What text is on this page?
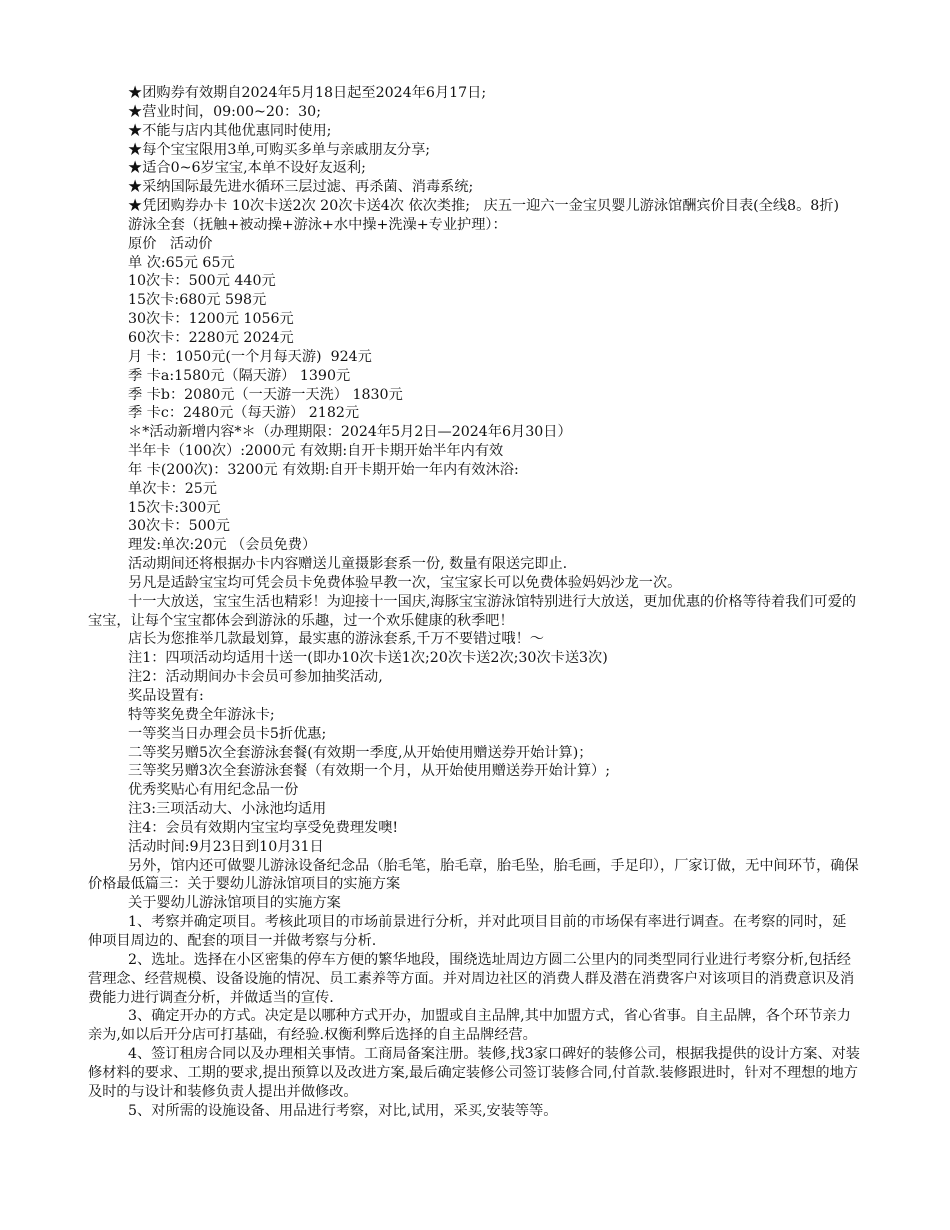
★团购券有效期自2024年5月18日起至2024年6月17日;

★营业时间，09:00~20：30;

★不能与店内其他优惠同时使用;

★每个宝宝限用3单,可购买多单与亲戚朋友分享;

★适合0~6岁宝宝,本单不设好友返利;

★采纳国际最先进水循环三层过滤、再杀菌、消毒系统;

★凭团购券办卡 10次卡送2次 20次卡送4次 依次类推;   庆五一迎六一金宝贝婴儿游泳馆酬宾价目表(全线8。8折)

游泳全套（抚触+被动操+游泳+水中操+洗澡+专业护理）：

原价   活动价

单 次:65元 65元

10次卡：500元 440元

15次卡:680元 598元

30次卡：1200元 1056元

60次卡：2280元 2024元

月 卡：1050元(一个月每天游)  924元

季 卡a:1580元（隔天游） 1390元

季 卡b：2080元（一天游一天洗） 1830元

季 卡c：2480元（每天游） 2182元

＊*活动新增内容*＊（办理期限：2024年5月2日—2024年6月30日）

半年卡（100次）:2000元 有效期:自开卡期开始半年内有效

年 卡(200次)：3200元 有效期:自开卡期开始一年内有效沐浴:

单次卡：25元

15次卡:300元

30次卡：500元

理发:单次:20元 （会员免费）

活动期间还将根据办卡内容赠送儿童摄影套系一份, 数量有限送完即止.

另凡是适龄宝宝均可凭会员卡免费体验早教一次，宝宝家长可以免费体验妈妈沙龙一次。

十一大放送，宝宝生活也精彩！为迎接十一国庆,海豚宝宝游泳馆特别进行大放送，更加优惠的价格等待着我们可爱的宝宝，让每个宝宝都体会到游泳的乐趣，过一个欢乐健康的秋季吧！

店长为您推举几款最划算，最实惠的游泳套系,千万不要错过哦！～

注1：四项活动均适用十送一(即办10次卡送1次;20次卡送2次;30次卡送3次)

注2：活动期间办卡会员可参加抽奖活动,

奖品设置有:

特等奖免费全年游泳卡;

一等奖当日办理会员卡5折优惠;

二等奖另赠5次全套游泳套餐(有效期一季度,从开始使用赠送券开始计算)；

三等奖另赠3次全套游泳套餐（有效期一个月，从开始使用赠送券开始计算）;

优秀奖贴心有用纪念品一份

注3:三项活动大、小泳池均适用

注4：会员有效期内宝宝均享受免费理发噢!

活动时间:9月23日到10月31日

另外，馆内还可做婴儿游泳设备纪念品（胎毛笔，胎毛章，胎毛坠，胎毛画，手足印），厂家订做，无中间环节，确保价格最低篇三：关于婴幼儿游泳馆项目的实施方案

关于婴幼儿游泳馆项目的实施方案

1、考察并确定项目。考核此项目的市场前景进行分析，并对此项目目前的市场保有率进行调查。在考察的同时，延伸项目周边的、配套的项目一并做考察与分析.

2、选址。选择在小区密集的停车方便的繁华地段，围绕选址周边方圆二公里内的同类型同行业进行考察分析,包括经营理念、经营规模、设备设施的情况、员工素养等方面。并对周边社区的消费人群及潜在消费客户对该项目的消费意识及消费能力进行调查分析，并做适当的宣传.

3、确定开办的方式。决定是以哪种方式开办，加盟或自主品牌,其中加盟方式，省心省事。自主品牌，各个环节亲力亲为,如以后开分店可打基础，有经验.权衡利弊后选择的自主品牌经营。

4、签订租房合同以及办理相关事情。工商局备案注册。装修,找3家口碑好的装修公司，根据我提供的设计方案、对装修材料的要求、工期的要求,提出预算以及改进方案,最后确定装修公司签订装修合同,付首款.装修跟进时，针对不理想的地方及时的与设计和装修负责人提出并做修改。

5、对所需的设施设备、用品进行考察，对比,试用，采买,安装等等。
